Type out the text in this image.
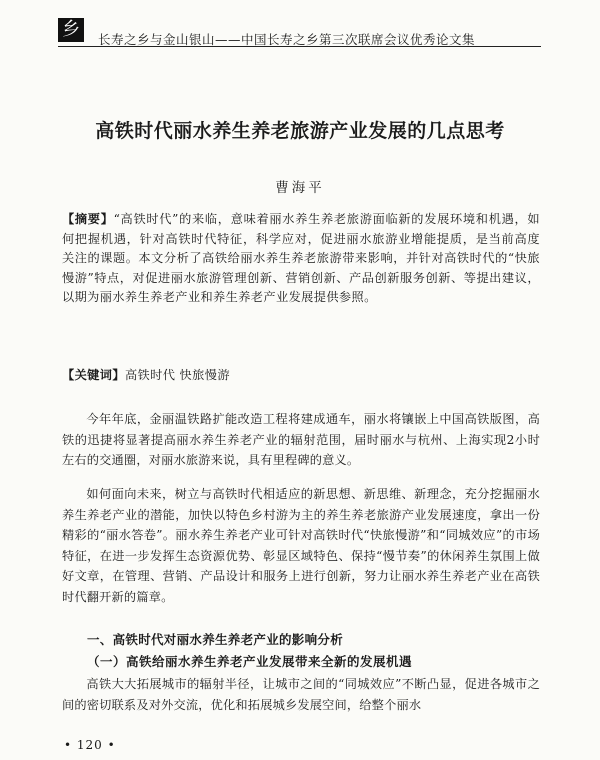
乡	长寿之乡与金山银山——中国长寿之乡第三次联席会议优秀论文集
高铁时代丽水养生养老旅游产业发展的几点思考
曹海平

【摘要】“高铁时代”的来临，意味着丽水养生养老旅游面临新的发展环境和机遇，如何把握机遇，针对高铁时代特征，科学应对，促进丽水旅游业增能提质，是当前高度关注的课题。本文分析了高铁给丽水养生养老旅游带来影响，并针对高铁时代的“快旅慢游”特点，对促进丽水旅游管理创新、营销创新、产品创新服务创新、等提出建议，以期为丽水养生养老产业和养生养老产业发展提供参照。

【关键词】高铁时代 快旅慢游

今年年底，金丽温铁路扩能改造工程将建成通车，丽水将镶嵌上中国高铁版图，高铁的迅捷将显著提高丽水养生养老产业的辐射范围，届时丽水与杭州、上海实现2小时左右的交通圈，对丽水旅游来说，具有里程碑的意义。

如何面向未来，树立与高铁时代相适应的新思想、新思维、新理念，充分挖掘丽水养生养老产业的潜能，加快以特色乡村游为主的养生养老旅游产业发展速度，拿出一份精彩的“丽水答卷”。丽水养生养老产业可针对高铁时代“快旅慢游”和“同城效应”的市场特征，在进一步发挥生态资源优势、彰显区域特色、保持“慢节奏”的休闲养生氛围上做好文章，在管理、营销、产品设计和服务上进行创新，努力让丽水养生养老产业在高铁时代翻开新的篇章。

一、高铁时代对丽水养生养老产业的影响分析
（一）高铁给丽水养生养老产业发展带来全新的发展机遇

高铁大大拓展城市的辐射半径，让城市之间的“同城效应”不断凸显，促进各城市之间的密切联系及对外交流，优化和拓展城乡发展空间，给整个丽水

• 120 •
